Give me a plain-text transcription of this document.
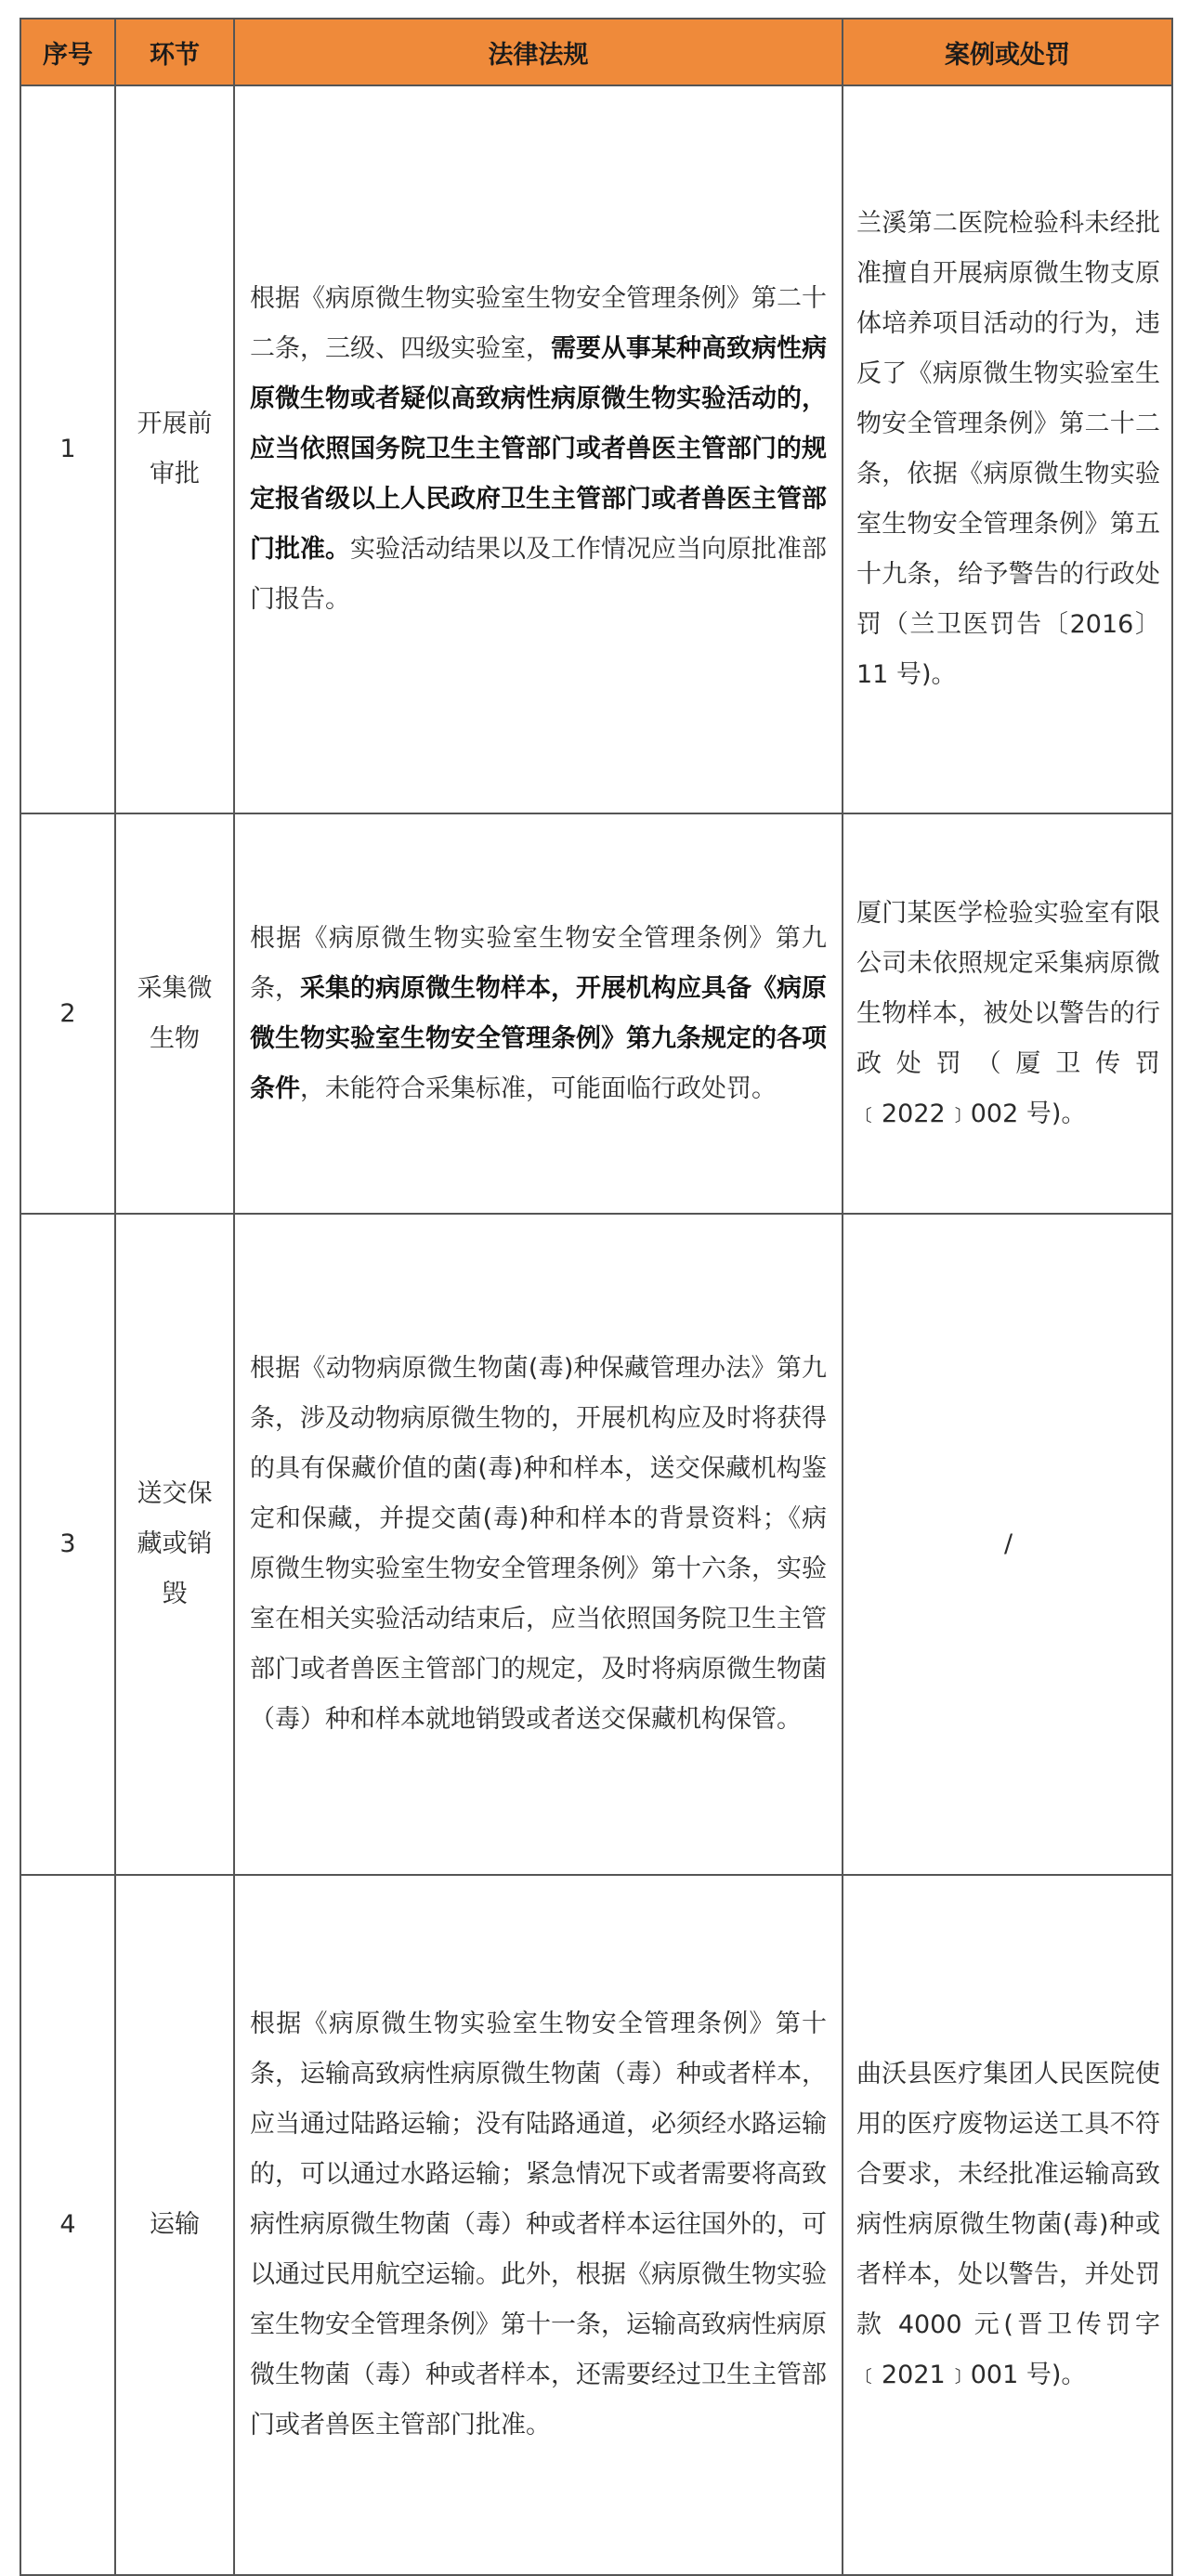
序号	环节	法律法规	案例或处罚
1	开展前审批	根据《病原微生物实验室生物安全管理条例》第二十二条，三级、四级实验室，需要从事某种高致病性病原微生物或者疑似高致病性病原微生物实验活动的，应当依照国务院卫生主管部门或者兽医主管部门的规定报省级以上人民政府卫生主管部门或者兽医主管部门批准。实验活动结果以及工作情况应当向原批准部门报告。	兰溪第二医院检验科未经批准擅自开展病原微生物支原体培养项目活动的行为，违反了《病原微生物实验室生物安全管理条例》第二十二条，依据《病原微生物实验室生物安全管理条例》第五十九条，给予警告的行政处罚（兰卫医罚告〔2016〕11 号)。
2	采集微生物	根据《病原微生物实验室生物安全管理条例》第九条，采集的病原微生物样本，开展机构应具备《病原微生物实验室生物安全管理条例》第九条规定的各项条件，未能符合采集标准，可能面临行政处罚。	厦门某医学检验实验室有限公司未依照规定采集病原微生物样本，被处以警告的行政处罚（厦卫传罚﹝2022﹞002 号)。
3	送交保藏或销毁	根据《动物病原微生物菌(毒)种保藏管理办法》第九条，涉及动物病原微生物的，开展机构应及时将获得的具有保藏价值的菌(毒)种和样本，送交保藏机构鉴定和保藏，并提交菌(毒)种和样本的背景资料；《病原微生物实验室生物安全管理条例》第十六条，实验室在相关实验活动结束后，应当依照国务院卫生主管部门或者兽医主管部门的规定，及时将病原微生物菌（毒）种和样本就地销毁或者送交保藏机构保管。	/
4	运输	根据《病原微生物实验室生物安全管理条例》第十条，运输高致病性病原微生物菌（毒）种或者样本，应当通过陆路运输；没有陆路通道，必须经水路运输的，可以通过水路运输；紧急情况下或者需要将高致病性病原微生物菌（毒）种或者样本运往国外的，可以通过民用航空运输。此外，根据《病原微生物实验室生物安全管理条例》第十一条，运输高致病性病原微生物菌（毒）种或者样本，还需要经过卫生主管部门或者兽医主管部门批准。	曲沃县医疗集团人民医院使用的医疗废物运送工具不符合要求，未经批准运输高致病性病原微生物菌(毒)种或者样本，处以警告，并处罚款 4000 元(晋卫传罚字﹝2021﹞001 号)。
